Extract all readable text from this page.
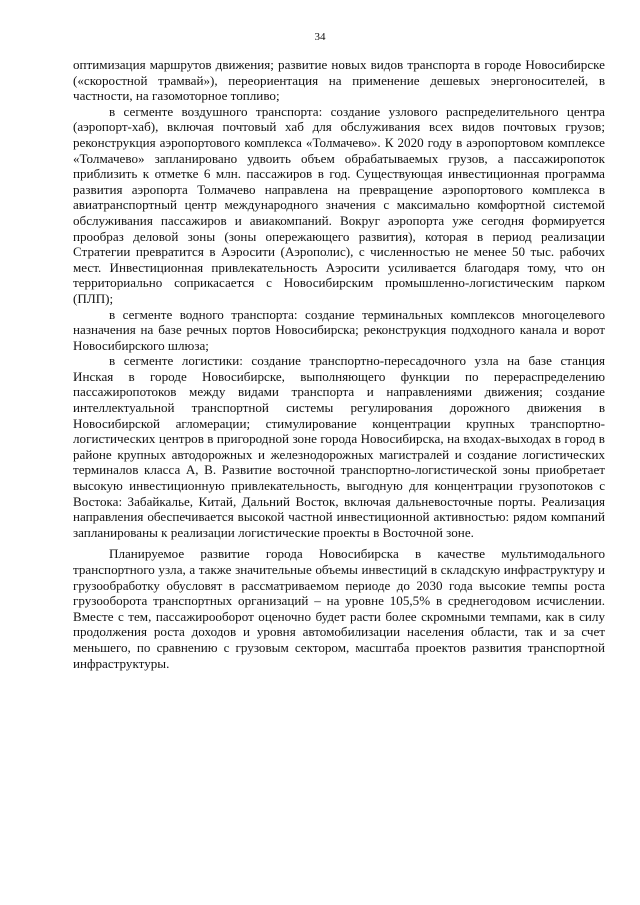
34

оптимизация маршрутов движения; развитие новых видов транспорта в городе Новосибирске («скоростной трамвай»), переориентация на применение дешевых энергоносителей, в частности, на газомоторное топливо;

в сегменте воздушного транспорта: создание узлового распределительного центра (аэропорт-хаб), включая почтовый хаб для обслуживания всех видов почтовых грузов; реконструкция аэропортового комплекса «Толмачево». К 2020 году в аэропортовом комплексе «Толмачево» запланировано удвоить объем обрабатываемых грузов, а пассажиропоток приблизить к отметке 6 млн. пассажиров в год. Существующая инвестиционная программа развития аэропорта Толмачево направлена на превращение аэропортового комплекса в авиатранспортный центр международного значения с максимально комфортной системой обслуживания пассажиров и авиакомпаний. Вокруг аэропорта уже сегодня формируется прообраз деловой зоны (зоны опережающего развития), которая в период реализации Стратегии превратится в Аэросити (Аэрополис), с численностью не менее 50 тыс. рабочих мест. Инвестиционная привлекательность Аэросити усиливается благодаря тому, что он территориально соприкасается с Новосибирским промышленно-логистическим парком (ПЛП);

в сегменте водного транспорта: создание терминальных комплексов многоцелевого назначения на базе речных портов Новосибирска; реконструкция подходного канала и ворот Новосибирского шлюза;

в сегменте логистики: создание транспортно-пересадочного узла на базе станция Инская в городе Новосибирске, выполняющего функции по перераспределению пассажиропотоков между видами транспорта и направлениями движения; создание интеллектуальной транспортной системы регулирования дорожного движения в Новосибирской агломерации; стимулирование концентрации крупных транспортно-логистических центров в пригородной зоне города Новосибирска, на входах-выходах в город в районе крупных автодорожных и железнодорожных магистралей и создание логистических терминалов класса А, В. Развитие восточной транспортно-логистической зоны приобретает высокую инвестиционную привлекательность, выгодную для концентрации грузопотоков с Востока: Забайкалье, Китай, Дальний Восток, включая дальневосточные порты. Реализация направления обеспечивается высокой частной инвестиционной активностью: рядом компаний запланированы к реализации логистические проекты в Восточной зоне.

Планируемое развитие города Новосибирска в качестве мультимодального транспортного узла, а также значительные объемы инвестиций в складскую инфраструктуру и грузообработку обусловят в рассматриваемом периоде до 2030 года высокие темпы роста грузооборота транспортных организаций – на уровне 105,5% в среднегодовом исчислении. Вместе с тем, пассажирооборот оценочно будет расти более скромными темпами, как в силу продолжения роста доходов и уровня автомобилизации населения области, так и за счет меньшего, по сравнению с грузовым сектором, масштаба проектов развития транспортной инфраструктуры.
